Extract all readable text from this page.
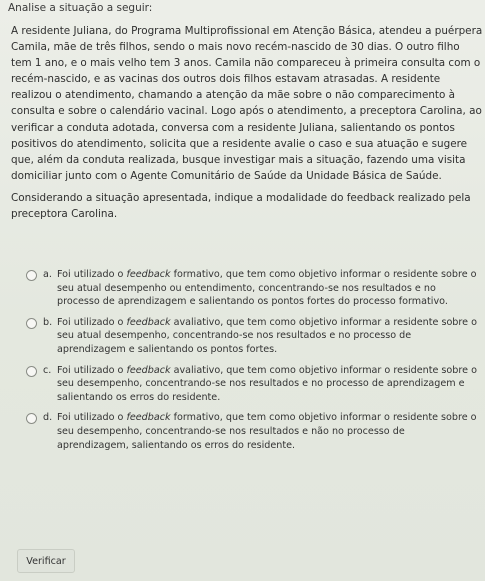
Analise a situação a seguir:

A residente Juliana, do Programa Multiprofissional em Atenção Básica, atendeu a puérpera Camila, mãe de três filhos, sendo o mais novo recém-nascido de 30 dias. O outro filho tem 1 ano, e o mais velho tem 3 anos. Camila não compareceu à primeira consulta com o recém-nascido, e as vacinas dos outros dois filhos estavam atrasadas. A residente realizou o atendimento, chamando a atenção da mãe sobre o não comparecimento à consulta e sobre o calendário vacinal. Logo após o atendimento, a preceptora Carolina, ao verificar a conduta adotada, conversa com a residente Juliana, salientando os pontos positivos do atendimento, solicita que a residente avalie o caso e sua atuação e sugere que, além da conduta realizada, busque investigar mais a situação, fazendo uma visita domiciliar junto com o Agente Comunitário de Saúde da Unidade Básica de Saúde.

Considerando a situação apresentada, indique a modalidade do feedback realizado pela preceptora Carolina.

a. Foi utilizado o feedback formativo, que tem como objetivo informar o residente sobre o seu atual desempenho ou entendimento, concentrando-se nos resultados e no processo de aprendizagem e salientando os pontos fortes do processo formativo.
b. Foi utilizado o feedback avaliativo, que tem como objetivo informar a residente sobre o seu atual desempenho, concentrando-se nos resultados e no processo de aprendizagem e salientando os pontos fortes.
c. Foi utilizado o feedback avaliativo, que tem como objetivo informar o residente sobre o seu desempenho, concentrando-se nos resultados e no processo de aprendizagem e salientando os erros do residente.
d. Foi utilizado o feedback formativo, que tem como objetivo informar o residente sobre o seu desempenho, concentrando-se nos resultados e não no processo de aprendizagem, salientando os erros do residente.
Verificar
